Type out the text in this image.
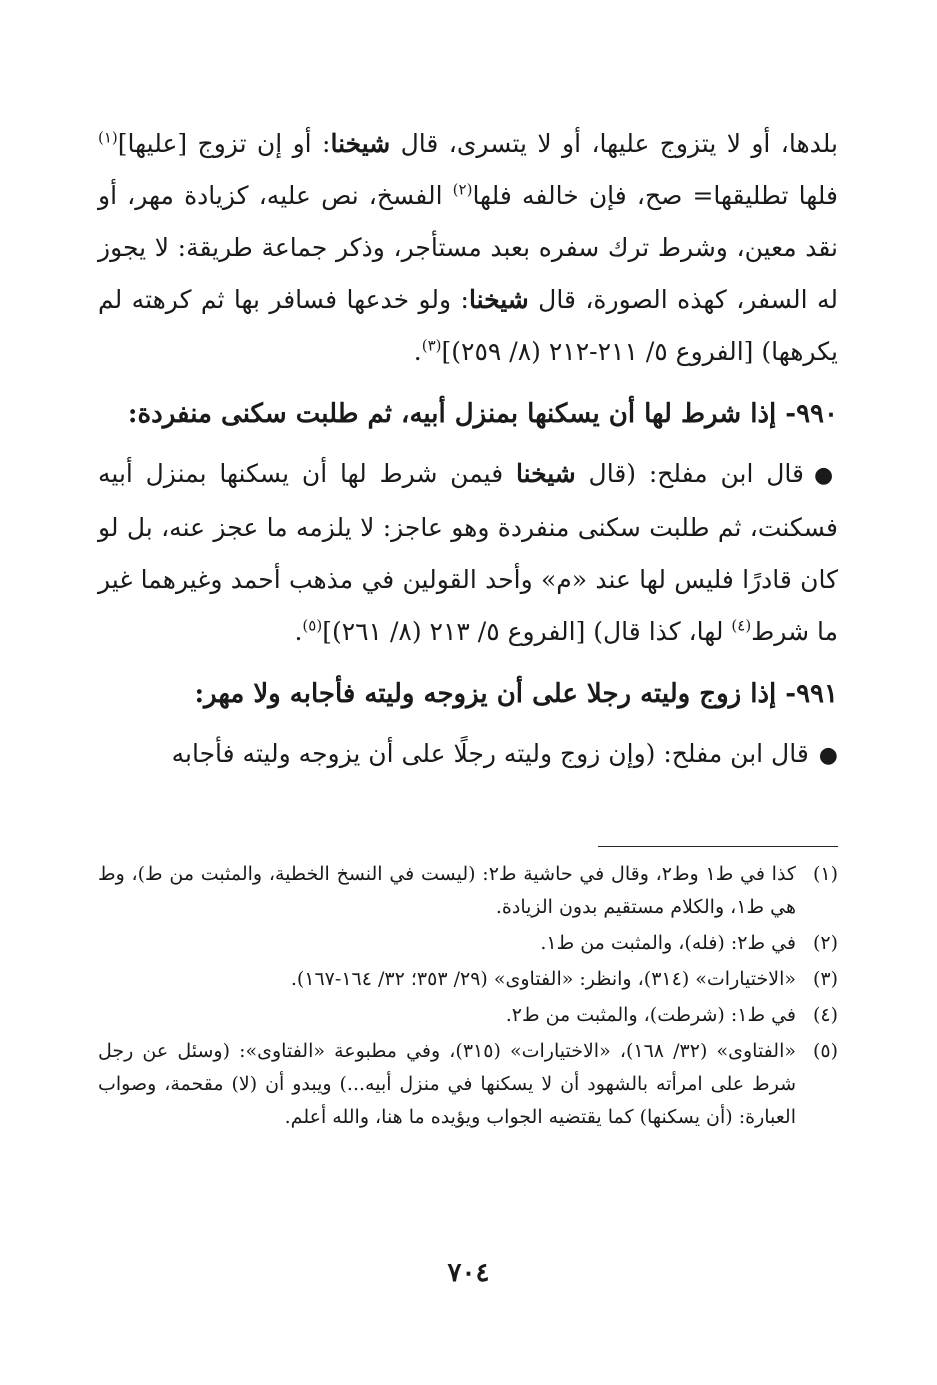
بلدها، أو لا يتزوج عليها، أو لا يتسرى، قال شيخنا: أو إن تزوج [عليها]$^{(١)}$ فلها تطليقها= صح، فإن خالفه فلها$^{(٢)}$ الفسخ، نص عليه، كزيادة مهر، أو نقد معين، وشرط ترك سفره بعبد مستأجر، وذكر جماعة طريقة: لا يجوز له السفر، كهذه الصورة، قال شيخنا: ولو خدعها فسافر بها ثم كرهته لم يكرهها) [الفروع ٥/ ٢١١-٢١٢ (٨/ ٢٥٩)]$^{(٣)}$.

٩٩٠- إذا شرط لها أن يسكنها بمنزل أبيه، ثم طلبت سكنى منفردة:

●قال ابن مفلح: (قال شيخنا فيمن شرط لها أن يسكنها بمنزل أبيه فسكنت، ثم طلبت سكنى منفردة وهو عاجز: لا يلزمه ما عجز عنه، بل لو كان قادرًا فليس لها عند «م» وأحد القولين في مذهب أحمد وغيرهما غير ما شرط$^{(٤)}$ لها، كذا قال) [الفروع ٥/ ٢١٣ (٨/ ٢٦١)]$^{(٥)}$.

٩٩١- إذا زوج وليته رجلا على أن يزوجه وليته فأجابه ولا مهر:

●قال ابن مفلح: (وإن زوج وليته رجلًا على أن يزوجه وليته فأجابه

(١)
كذا في ط١ وط٢، وقال في حاشية ط٢: (ليست في النسخ الخطية، والمثبت من ط)، وط هي ط١، والكلام مستقيم بدون الزيادة.

(٢)
في ط٢: (فله)، والمثبت من ط١.

(٣)
«الاختيارات» (٣١٤)، وانظر: «الفتاوى» (٢٩/ ٣٥٣؛ ٣٢/ ١٦٤-١٦٧).

(٤)
في ط١: (شرطت)، والمثبت من ط٢.

(٥)
«الفتاوى» (٣٢/ ١٦٨)، «الاختيارات» (٣١٥)، وفي مطبوعة «الفتاوى»: (وسئل عن رجل شرط على امرأته بالشهود أن لا يسكنها في منزل أبيه...) ويبدو أن (لا) مقحمة، وصواب العبارة: (أن يسكنها) كما يقتضيه الجواب ويؤيده ما هنا، والله أعلم.

٧٠٤
